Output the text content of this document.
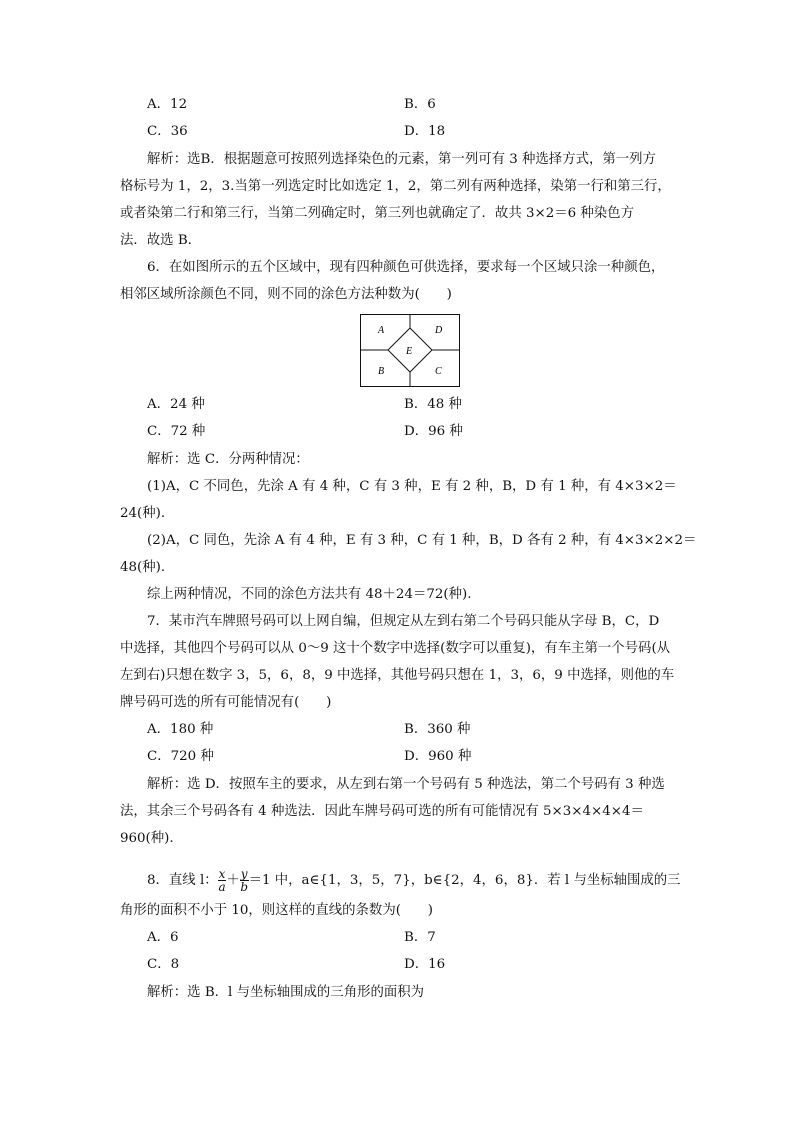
A．12	B．6
C．36	D．18
解析：选B．根据题意可按照列选择染色的元素，第一列可有 3 种选择方式，第一列方
格标号为 1，2，3.当第一列选定时比如选定 1，2，第二列有两种选择，染第一行和第三行，
或者染第二行和第三行，当第二列确定时，第三列也就确定了．故共 3×2＝6 种染色方
法．故选 B．
6．在如图所示的五个区域中，现有四种颜色可供选择，要求每一个区域只涂一种颜色，
相邻区域所涂颜色不同，则不同的涂色方法种数为(　　)
A	D
E
B	C
A．24 种	B．48 种
C．72 种	D．96 种
解析：选 C．分两种情况：
(1)A，C 不同色，先涂 A 有 4 种，C 有 3 种，E 有 2 种，B，D 有 1 种，有 4×3×2＝
24(种).
(2)A，C 同色，先涂 A 有 4 种，E 有 3 种，C 有 1 种，B，D 各有 2 种，有 4×3×2×2＝
48(种).
综上两种情况，不同的涂色方法共有 48＋24＝72(种).
7．某市汽车牌照号码可以上网自编，但规定从左到右第二个号码只能从字母 B，C，D
中选择，其他四个号码可以从 0～9 这十个数字中选择(数字可以重复)，有车主第一个号码(从
左到右)只想在数字 3，5，6，8，9 中选择，其他号码只想在 1，3，6，9 中选择，则他的车
牌号码可选的所有可能情况有(　　)
A．180 种	B．360 种
C．720 种	D．960 种
解析：选 D．按照车主的要求，从左到右第一个号码有 5 种选法，第二个号码有 3 种选
法，其余三个号码各有 4 种选法．因此车牌号码可选的所有可能情况有 5×3×4×4×4＝
960(种).
8．直线 l： $\frac{x}{a} + \frac{y}{b} =1$ 中，a∈{1，3，5，7}，b∈{2，4，6，8}．若 l 与坐标轴围成的三
角形的面积不小于 10，则这样的直线的条数为(　　)
A．6	B．7
C．8	D．16
解析：选 B．l 与坐标轴围成的三角形的面积为
